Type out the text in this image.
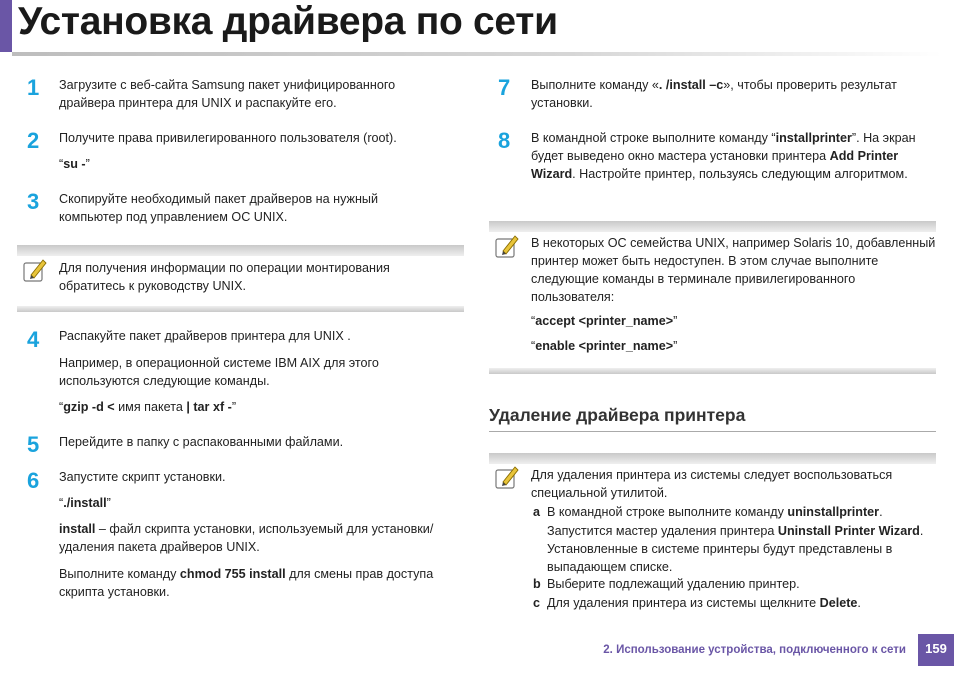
Установка драйвера по сети
1 Загрузите с веб-сайта Samsung пакет унифицированного драйвера принтера для UNIX и распакуйте его.

2 Получите права привилегированного пользователя (root).

“su -”

3 Скопируйте необходимый пакет драйверов на нужный компьютер под управлением ОС UNIX.

Для получения информации по операции монтирования обратитесь к руководству UNIX.

4 Распакуйте пакет драйверов принтера для UNIX .

Например, в операционной системе IBM AIX для этого используются следующие команды.

“gzip -d < имя пакета | tar xf -”

5 Перейдите в папку с распакованными файлами.

6 Запустите скрипт установки.

“./install”

install – файл скрипта установки, используемый для установки/ удаления пакета драйверов UNIX.

Выполните команду chmod 755 install для смены прав доступа скрипта установки.

7 Выполните команду «. /install –c», чтобы проверить результат установки.

8 В командной строке выполните команду “installprinter”. На экран будет выведено окно мастера установки принтера Add Printer Wizard. Настройте принтер, пользуясь следующим алгоритмом.

В некоторых ОС семейства UNIX, например Solaris 10, добавленный принтер может быть недоступен. В этом случае выполните следующие команды в терминале привилегированного пользователя:

“accept <printer_name>”

“enable <printer_name>”

Удаление драйвера принтера

Для удаления принтера из системы следует воспользоваться специальной утилитой.

a В командной строке выполните команду uninstallprinter.

Запустится мастер удаления принтера Uninstall Printer Wizard. Установленные в системе принтеры будут представлены в выпадающем списке.

b Выберите подлежащий удалению принтер.

c Для удаления принтера из системы щелкните Delete.

2. Использование устройства, подключенного к сети	159
